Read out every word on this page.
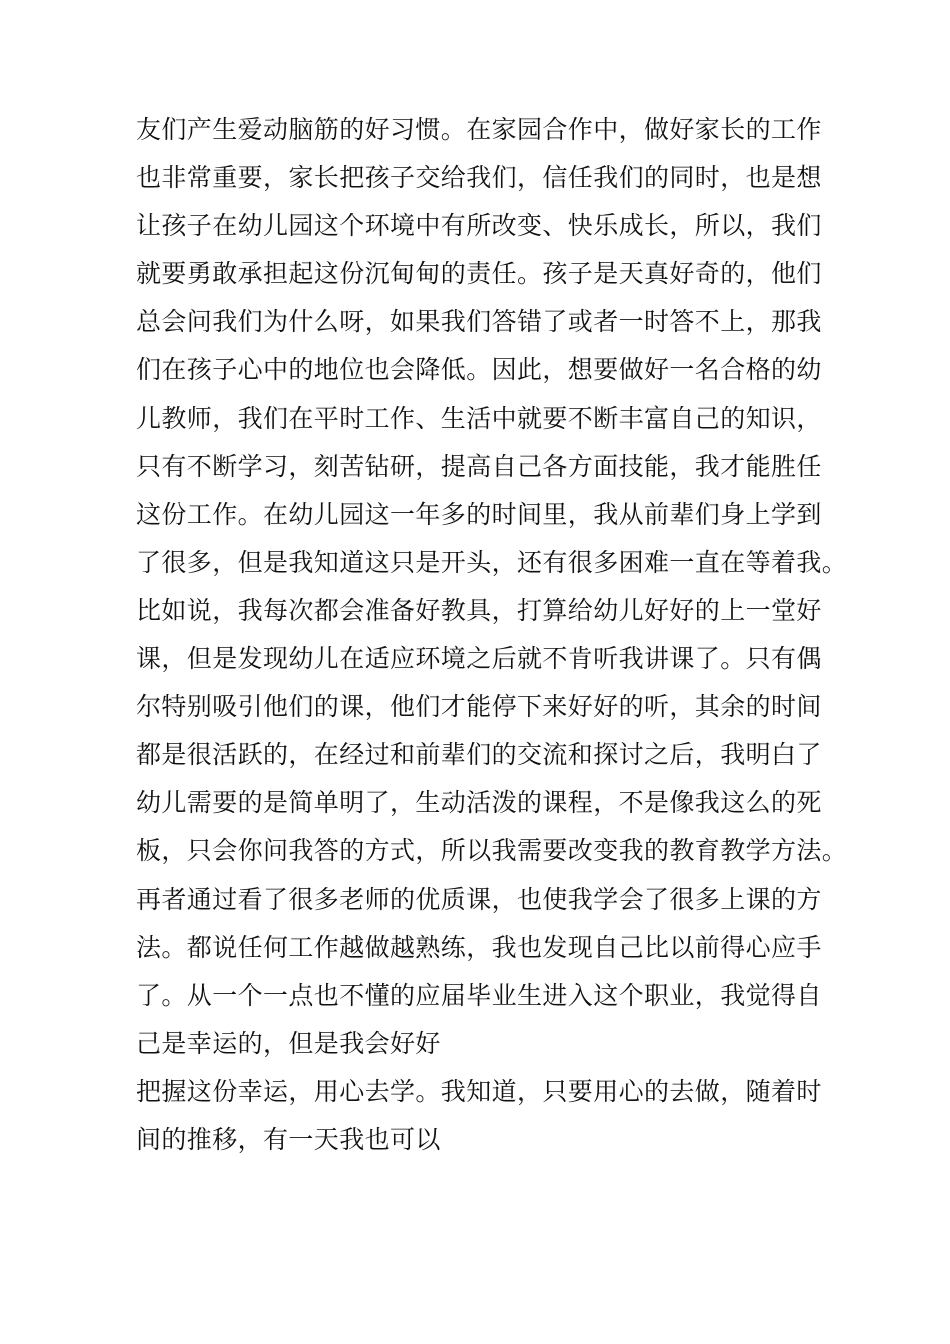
友们产生爱动脑筋的好习惯。在家园合作中，做好家长的工作
也非常重要，家长把孩子交给我们，信任我们的同时，也是想
让孩子在幼儿园这个环境中有所改变、快乐成长，所以，我们
就要勇敢承担起这份沉甸甸的责任。孩子是天真好奇的，他们
总会问我们为什么呀，如果我们答错了或者一时答不上，那我
们在孩子心中的地位也会降低。因此，想要做好一名合格的幼
儿教师，我们在平时工作、生活中就要不断丰富自己的知识，
只有不断学习，刻苦钻研，提高自己各方面技能，我才能胜任
这份工作。在幼儿园这一年多的时间里，我从前辈们身上学到
了很多，但是我知道这只是开头，还有很多困难一直在等着我。
比如说，我每次都会准备好教具，打算给幼儿好好的上一堂好
课，但是发现幼儿在适应环境之后就不肯听我讲课了。只有偶
尔特别吸引他们的课，他们才能停下来好好的听，其余的时间
都是很活跃的，在经过和前辈们的交流和探讨之后，我明白了
幼儿需要的是简单明了，生动活泼的课程，不是像我这么的死
板，只会你问我答的方式，所以我需要改变我的教育教学方法。
再者通过看了很多老师的优质课，也使我学会了很多上课的方
法。都说任何工作越做越熟练，我也发现自己比以前得心应手
了。从一个一点也不懂的应届毕业生进入这个职业，我觉得自
己是幸运的，但是我会好好
把握这份幸运，用心去学。我知道，只要用心的去做，随着时
间的推移，有一天我也可以
